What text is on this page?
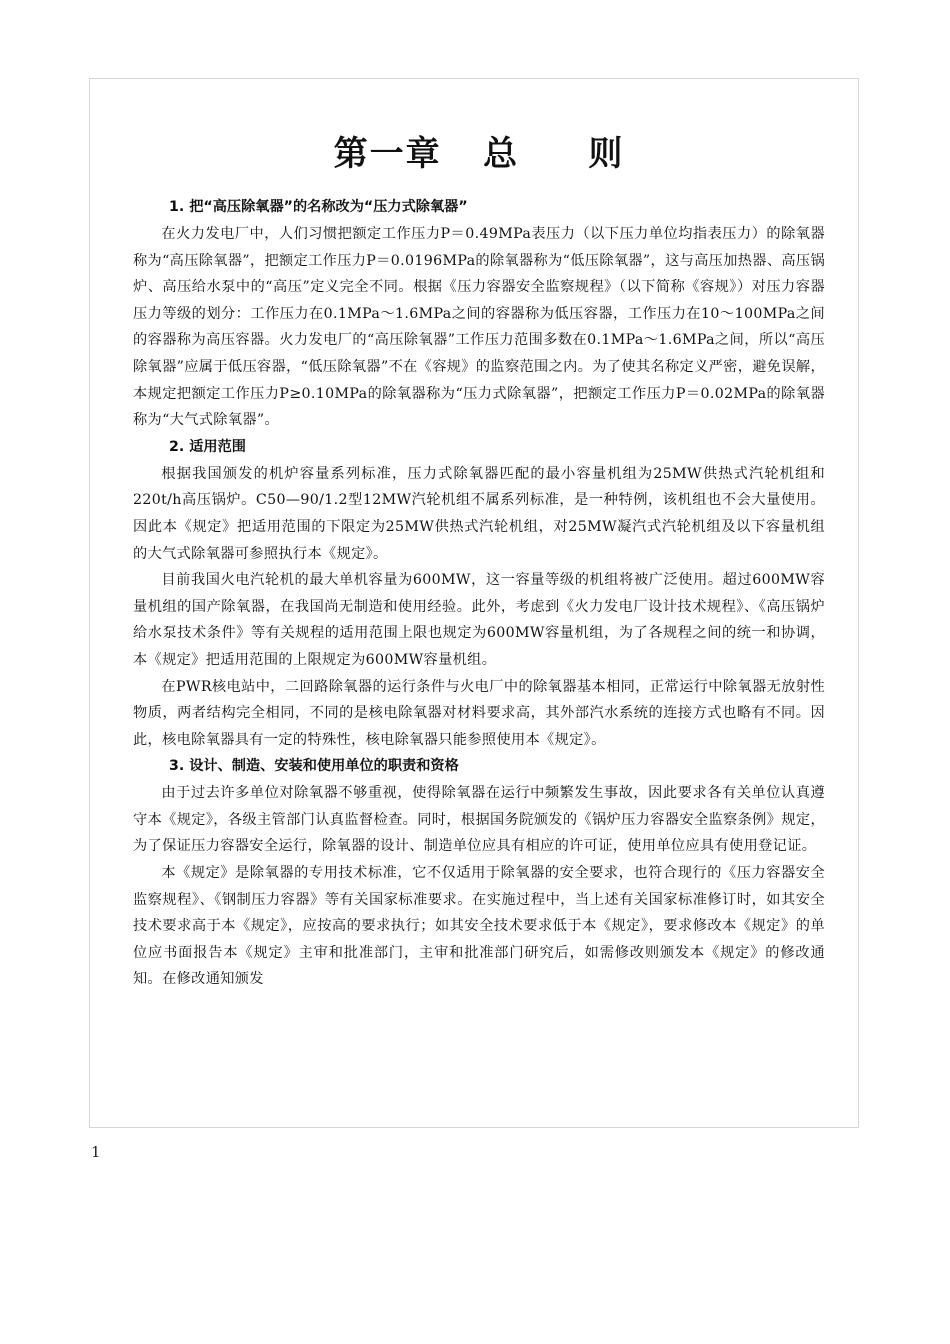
第一章   总     则
1. 把“高压除氧器”的名称改为“压力式除氧器”

在火力发电厂中，人们习惯把额定工作压力P＝0.49MPa表压力（以下压力单位均指表压力）的除氧器称为“高压除氧器”，把额定工作压力P＝0.0196MPa的除氧器称为“低压除氧器”，这与高压加热器、高压锅炉、高压给水泵中的“高压”定义完全不同。根据《压力容器安全监察规程》（以下简称《容规》）对压力容器压力等级的划分：工作压力在0.1MPa～1.6MPa之间的容器称为低压容器，工作压力在10～100MPa之间的容器称为高压容器。火力发电厂的“高压除氧器”工作压力范围多数在0.1MPa～1.6MPa之间，所以“高压除氧器”应属于低压容器，“低压除氧器”不在《容规》的监察范围之内。为了使其名称定义严密，避免误解，本规定把额定工作压力P≥0.10MPa的除氧器称为“压力式除氧器”，把额定工作压力P＝0.02MPa的除氧器称为“大气式除氧器”。

2. 适用范围

根据我国颁发的机炉容量系列标准，压力式除氧器匹配的最小容量机组为25MW供热式汽轮机组和220t/h高压锅炉。C50—90/1.2型12MW汽轮机组不属系列标准，是一种特例，该机组也不会大量使用。因此本《规定》把适用范围的下限定为25MW供热式汽轮机组，对25MW凝汽式汽轮机组及以下容量机组的大气式除氧器可参照执行本《规定》。

目前我国火电汽轮机的最大单机容量为600MW，这一容量等级的机组将被广泛使用。超过600MW容量机组的国产除氧器，在我国尚无制造和使用经验。此外，考虑到《火力发电厂设计技术规程》、《高压锅炉给水泵技术条件》等有关规程的适用范围上限也规定为600MW容量机组，为了各规程之间的统一和协调，本《规定》把适用范围的上限规定为600MW容量机组。

在PWR核电站中，二回路除氧器的运行条件与火电厂中的除氧器基本相同，正常运行中除氧器无放射性物质，两者结构完全相同，不同的是核电除氧器对材料要求高，其外部汽水系统的连接方式也略有不同。因此，核电除氧器具有一定的特殊性，核电除氧器只能参照使用本《规定》。

3. 设计、制造、安装和使用单位的职责和资格

由于过去许多单位对除氧器不够重视，使得除氧器在运行中频繁发生事故，因此要求各有关单位认真遵守本《规定》，各级主管部门认真监督检查。同时，根据国务院颁发的《锅炉压力容器安全监察条例》规定，为了保证压力容器安全运行，除氧器的设计、制造单位应具有相应的许可证，使用单位应具有使用登记证。

本《规定》是除氧器的专用技术标准，它不仅适用于除氧器的安全要求，也符合现行的《压力容器安全监察规程》、《钢制压力容器》等有关国家标准要求。在实施过程中，当上述有关国家标准修订时，如其安全技术要求高于本《规定》，应按高的要求执行；如其安全技术要求低于本《规定》，要求修改本《规定》的单位应书面报告本《规定》主审和批准部门，主审和批准部门研究后，如需修改则颁发本《规定》的修改通知。在修改通知颁发

1
